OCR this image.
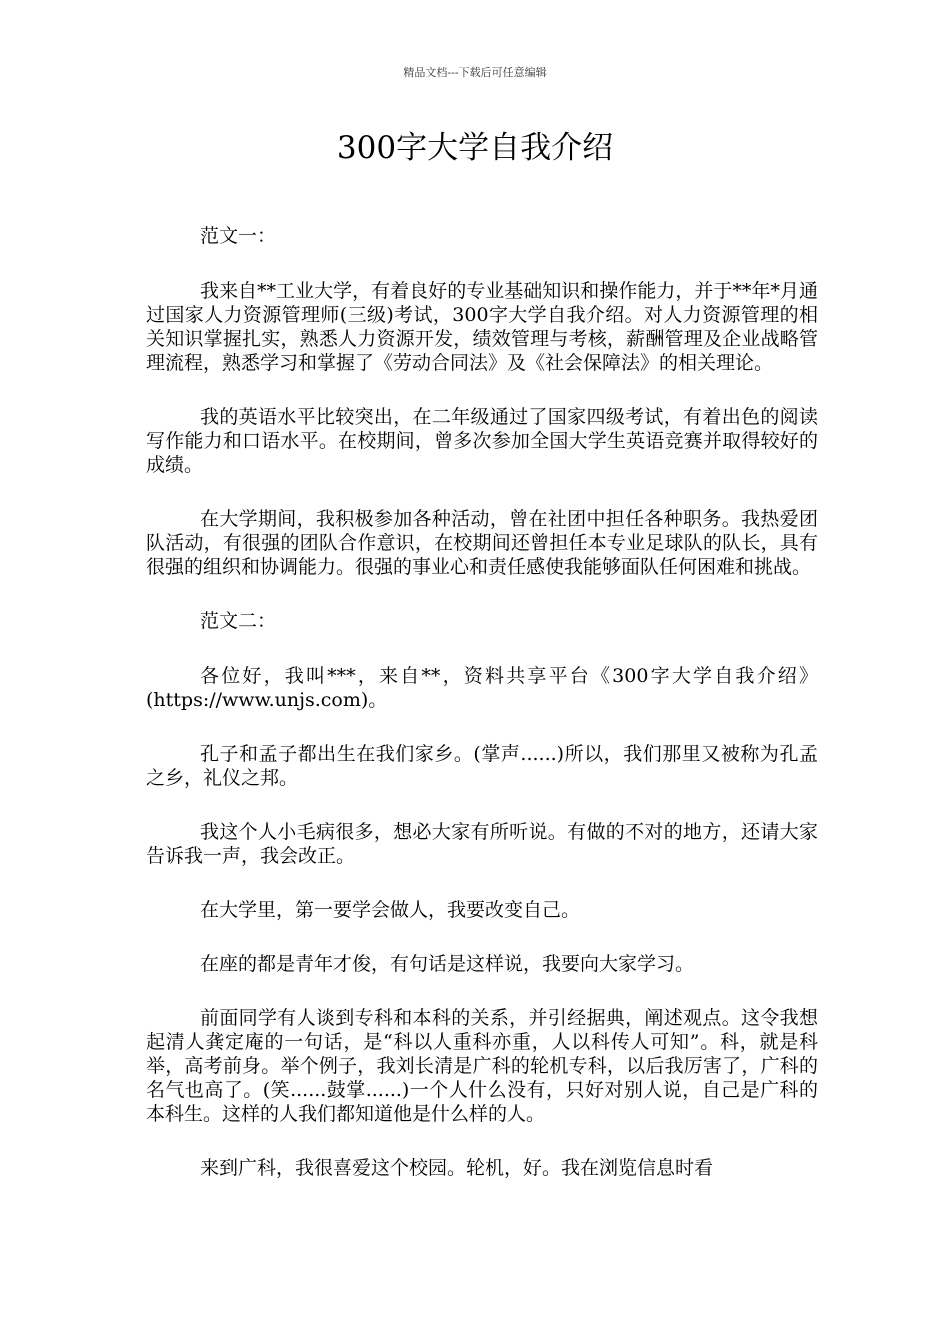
精品文档---下载后可任意编辑
300字大学自我介绍

范文一：

我来自**工业大学，有着良好的专业基础知识和操作能力，并于**年*月通过国家人力资源管理师(三级)考试，300字大学自我介绍。对人力资源管理的相关知识掌握扎实，熟悉人力资源开发，绩效管理与考核，薪酬管理及企业战略管理流程，熟悉学习和掌握了《劳动合同法》及《社会保障法》的相关理论。

我的英语水平比较突出，在二年级通过了国家四级考试，有着出色的阅读写作能力和口语水平。在校期间，曾多次参加全国大学生英语竞赛并取得较好的成绩。

在大学期间，我积极参加各种活动，曾在社团中担任各种职务。我热爱团队活动，有很强的团队合作意识，在校期间还曾担任本专业足球队的队长，具有很强的组织和协调能力。很强的事业心和责任感使我能够面队任何困难和挑战。

范文二：

各位好，我叫***，来自**，资料共享平台《300字大学自我介绍》(https://www.unjs.com)。

孔子和孟子都出生在我们家乡。(掌声......)所以，我们那里又被称为孔孟之乡，礼仪之邦。

我这个人小毛病很多，想必大家有所听说。有做的不对的地方，还请大家告诉我一声，我会改正。

在大学里，第一要学会做人，我要改变自己。

在座的都是青年才俊，有句话是这样说，我要向大家学习。

前面同学有人谈到专科和本科的关系，并引经据典，阐述观点。这令我想起清人龚定庵的一句话，是“科以人重科亦重，人以科传人可知”。科，就是科举，高考前身。举个例子，我刘长清是广科的轮机专科，以后我厉害了，广科的名气也高了。(笑......鼓掌......)一个人什么没有，只好对别人说，自己是广科的本科生。这样的人我们都知道他是什么样的人。

来到广科，我很喜爱这个校园。轮机，好。我在浏览信息时看
